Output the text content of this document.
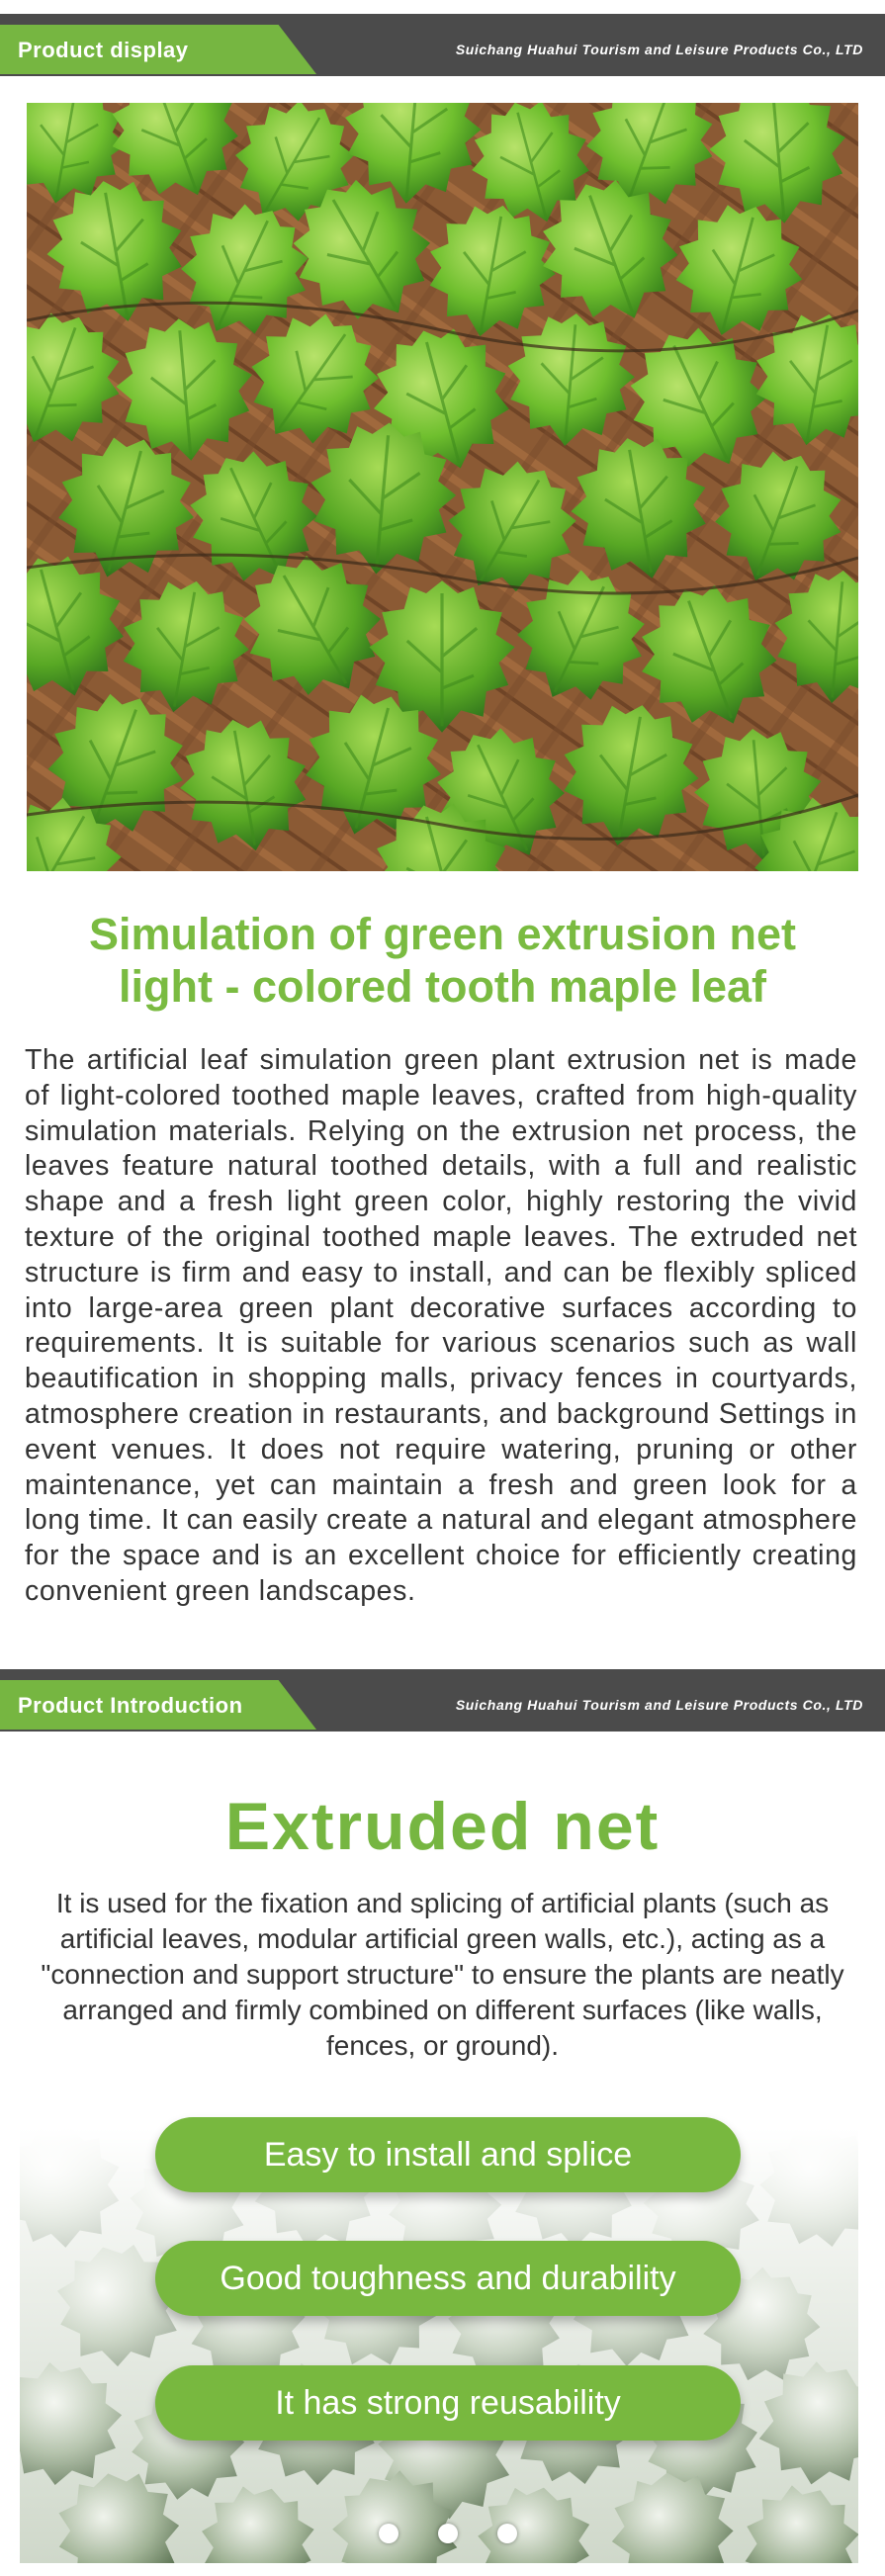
Product display	Suichang Huahui Tourism and Leisure Products Co., LTD
Simulation of green extrusion net
light - colored tooth maple leaf
The artificial leaf simulation green plant extrusion net is made of light-colored toothed maple leaves, crafted from high-quality simulation materials. Relying on the extrusion net process, the leaves feature natural toothed details, with a full and realistic shape and a fresh light green color, highly restoring the vivid texture of the original toothed maple leaves. The extruded net structure is firm and easy to install, and can be flexibly spliced into large-area green plant decorative surfaces according to requirements. It is suitable for various scenarios such as wall beautification in shopping malls, privacy fences in courtyards, atmosphere creation in restaurants, and background Settings in event venues. It does not require watering, pruning or other maintenance, yet can maintain a fresh and green look for a long time. It can easily create a natural and elegant atmosphere for the space and is an excellent choice for efficiently creating convenient green landscapes.
Product Introduction	Suichang Huahui Tourism and Leisure Products Co., LTD
Extruded net
It is used for the fixation and splicing of artificial plants (such as artificial leaves, modular artificial green walls, etc.), acting as a "connection and support structure" to ensure the plants are neatly arranged and firmly combined on different surfaces (like walls, fences, or ground).
Easy to install and splice
Good toughness and durability
It has strong reusability
